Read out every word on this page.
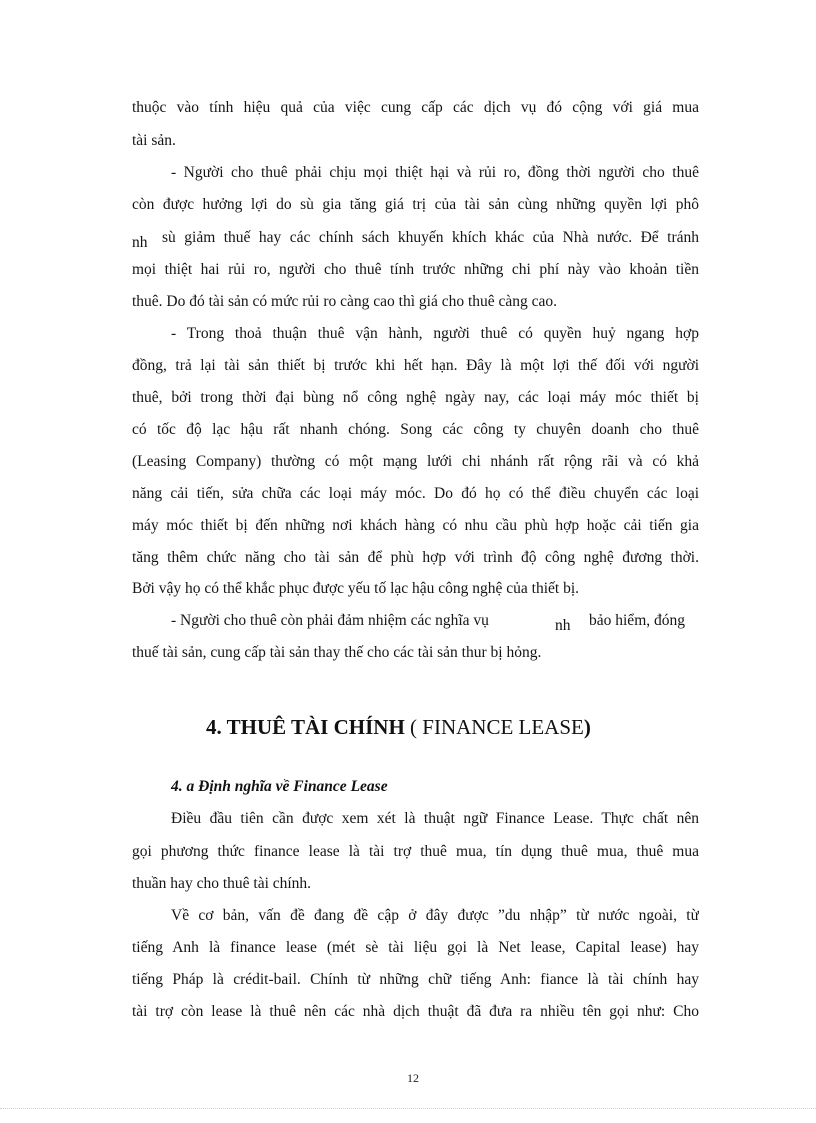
thuộc vào tính hiệu quả của việc cung cấp các dịch vụ đó cộng với giá mua
tài sản.
- Người cho thuê phải chịu mọi thiệt hại và rủi ro, đồng thời người cho thuê
còn được hưởng lợi do sù gia tăng giá trị của tài sản cùng những quyền lợi phô
nh sù giảm thuế hay các chính sách khuyến khích khác của Nhà nước. Để tránh
mọi thiệt hai rủi ro, người cho thuê tính trước những chi phí này vào khoản tiền
thuê. Do đó tài sản có mức rủi ro càng cao thì giá cho thuê càng cao.
- Trong thoả thuận thuê vận hành, người thuê có quyền huỷ ngang hợp
đồng, trả lại tài sản thiết bị trước khi hết hạn. Đây là một lợi thế đối với người
thuê, bởi trong thời đại bùng nổ công nghệ ngày nay, các loại máy móc thiết bị
có tốc độ lạc hậu rất nhanh chóng. Song các công ty chuyên doanh cho thuê
(Leasing Company) thường có một mạng lưới chi nhánh rất rộng rãi và có khả
năng cải tiến, sửa chữa các loại máy móc. Do đó họ có thể điều chuyển các loại
máy móc thiết bị đến những nơi khách hàng có nhu cầu phù hợp hoặc cải tiến gia
tăng thêm chức năng cho tài sản để phù hợp với trình độ công nghệ đương thời.
Bởi vậy họ có thể khắc phục được yếu tố lạc hậu công nghệ của thiết bị.
- Người cho thuê còn phải đảm nhiệm các nghĩa vụ	nh bảo hiểm, đóng
thuế tài sản, cung cấp tài sản thay thế cho các tài sản thur bị hỏng.
4. THUÊ TÀI CHÍNH ( FINANCE LEASE)
4. a Định nghĩa về Finance Lease
Điều đầu tiên cần được xem xét là thuật ngữ Finance Lease. Thực chất nên
gọi phương thức finance lease là tài trợ thuê mua, tín dụng thuê mua, thuê mua
thuần hay cho thuê tài chính.
Về cơ bản, vấn đề đang đề cập ở đây được ”du nhập” từ nước ngoài, từ
tiếng Anh là finance lease (mét sè tài liệu gọi là Net lease, Capital lease) hay
tiếng Pháp là crédit-bail. Chính từ những chữ tiếng Anh: fiance là tài chính hay
tài trợ còn lease là thuê nên các nhà dịch thuật đã đưa ra nhiều tên gọi như: Cho
12
